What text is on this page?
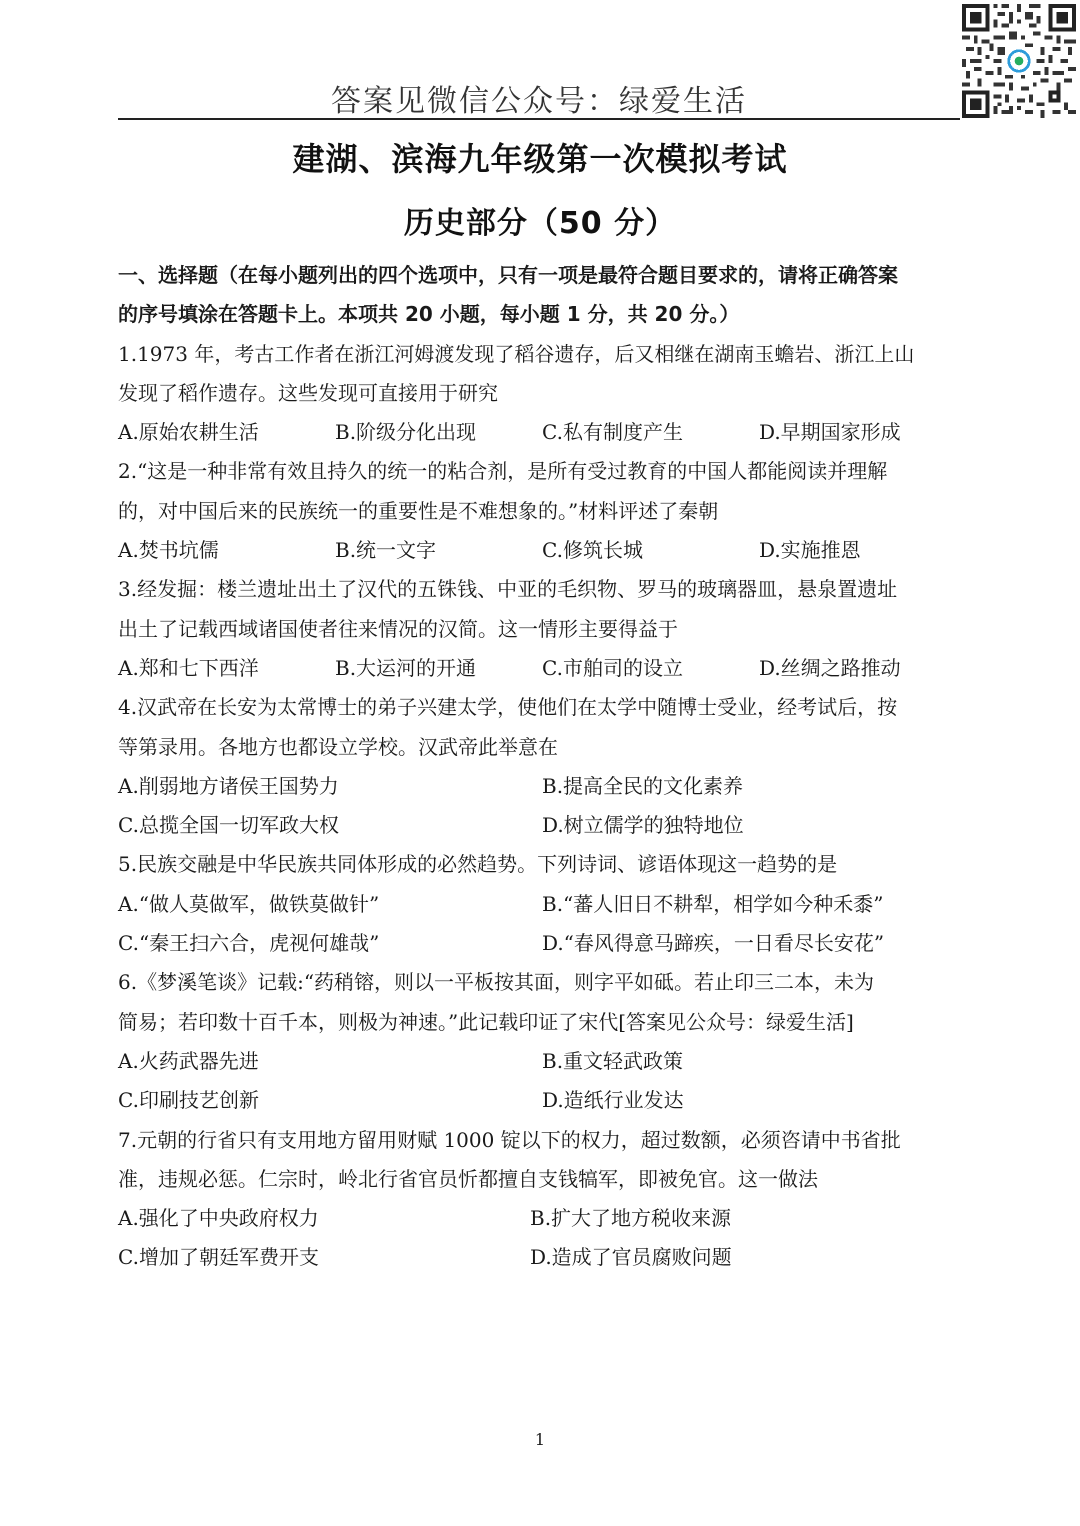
答案见微信公众号：绿爱生活
建湖、滨海九年级第一次模拟考试
历史部分（50 分）
一、选择题（在每小题列出的四个选项中，只有一项是最符合题目要求的，请将正确答案
的序号填涂在答题卡上。本项共 20 小题，每小题 1 分，共 20 分。）
1.1973 年，考古工作者在浙江河姆渡发现了稻谷遗存，后又相继在湖南玉蟾岩、浙江上山
发现了稻作遗存。这些发现可直接用于研究
A.原始农耕生活	B.阶级分化出现	C.私有制度产生	D.早期国家形成
2.“这是一种非常有效且持久的统一的粘合剂，是所有受过教育的中国人都能阅读并理解
的，对中国后来的民族统一的重要性是不难想象的。”材料评述了秦朝
A.焚书坑儒	B.统一文字	C.修筑长城	D.实施推恩
3.经发掘：楼兰遗址出土了汉代的五铢钱、中亚的毛织物、罗马的玻璃器皿，悬泉置遗址
出土了记载西域诸国使者往来情况的汉简。这一情形主要得益于
A.郑和七下西洋	B.大运河的开通	C.市舶司的设立	D.丝绸之路推动
4.汉武帝在长安为太常博士的弟子兴建太学，使他们在太学中随博士受业，经考试后，按
等第录用。各地方也都设立学校。汉武帝此举意在
A.削弱地方诸侯王国势力	B.提高全民的文化素养
C.总揽全国一切军政大权	D.树立儒学的独特地位
5.民族交融是中华民族共同体形成的必然趋势。下列诗词、谚语体现这一趋势的是
A.“做人莫做军，做铁莫做针”	B.“蕃人旧日不耕犁，相学如今种禾黍”
C.“秦王扫六合，虎视何雄哉”	D.“春风得意马蹄疾，一日看尽长安花”
6.《梦溪笔谈》记载:“药稍镕，则以一平板按其面，则字平如砥。若止印三二本，未为
简易；若印数十百千本，则极为神速。”此记载印证了宋代[答案见公众号：绿爱生活]
A.火药武器先进	B.重文轻武政策
C.印刷技艺创新	D.造纸行业发达
7.元朝的行省只有支用地方留用财赋 1000 锭以下的权力，超过数额，必须咨请中书省批
准，违规必惩。仁宗时，岭北行省官员忻都擅自支钱犒军，即被免官。这一做法
A.强化了中央政府权力	B.扩大了地方税收来源
C.增加了朝廷军费开支	D.造成了官员腐败问题
1
